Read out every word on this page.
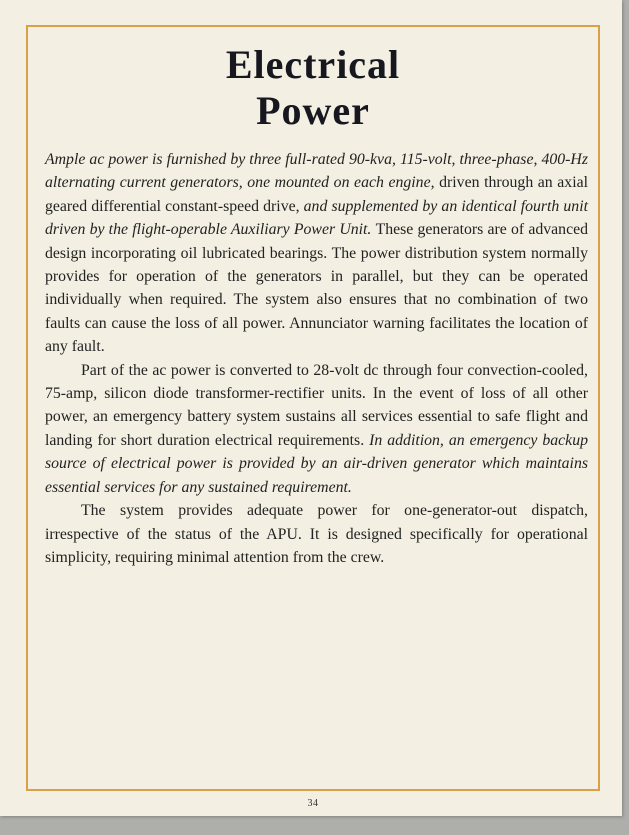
Electrical
Power

Ample ac power is furnished by three full-rated 90-kva, 115-volt, three-phase, 400-Hz alternating current generators, one mounted on each engine, driven through an axial geared differential constant-speed drive, and supplemented by an identical fourth unit driven by the flight-operable Auxiliary Power Unit. These generators are of advanced design incorporating oil lubricated bearings. The power distribution system normally provides for operation of the generators in parallel, but they can be operated individually when required. The system also ensures that no combination of two faults can cause the loss of all power. Annunciator warning facilitates the location of any fault.

Part of the ac power is converted to 28-volt dc through four convection-cooled, 75-amp, silicon diode transformer-rectifier units. In the event of loss of all other power, an emergency battery system sustains all services essential to safe flight and landing for short duration electrical requirements. In addition, an emergency backup source of electrical power is provided by an air-driven generator which maintains essential services for any sustained requirement.

The system provides adequate power for one-generator-out dispatch, irrespective of the status of the APU. It is designed specifically for operational simplicity, requiring minimal attention from the crew.

34
